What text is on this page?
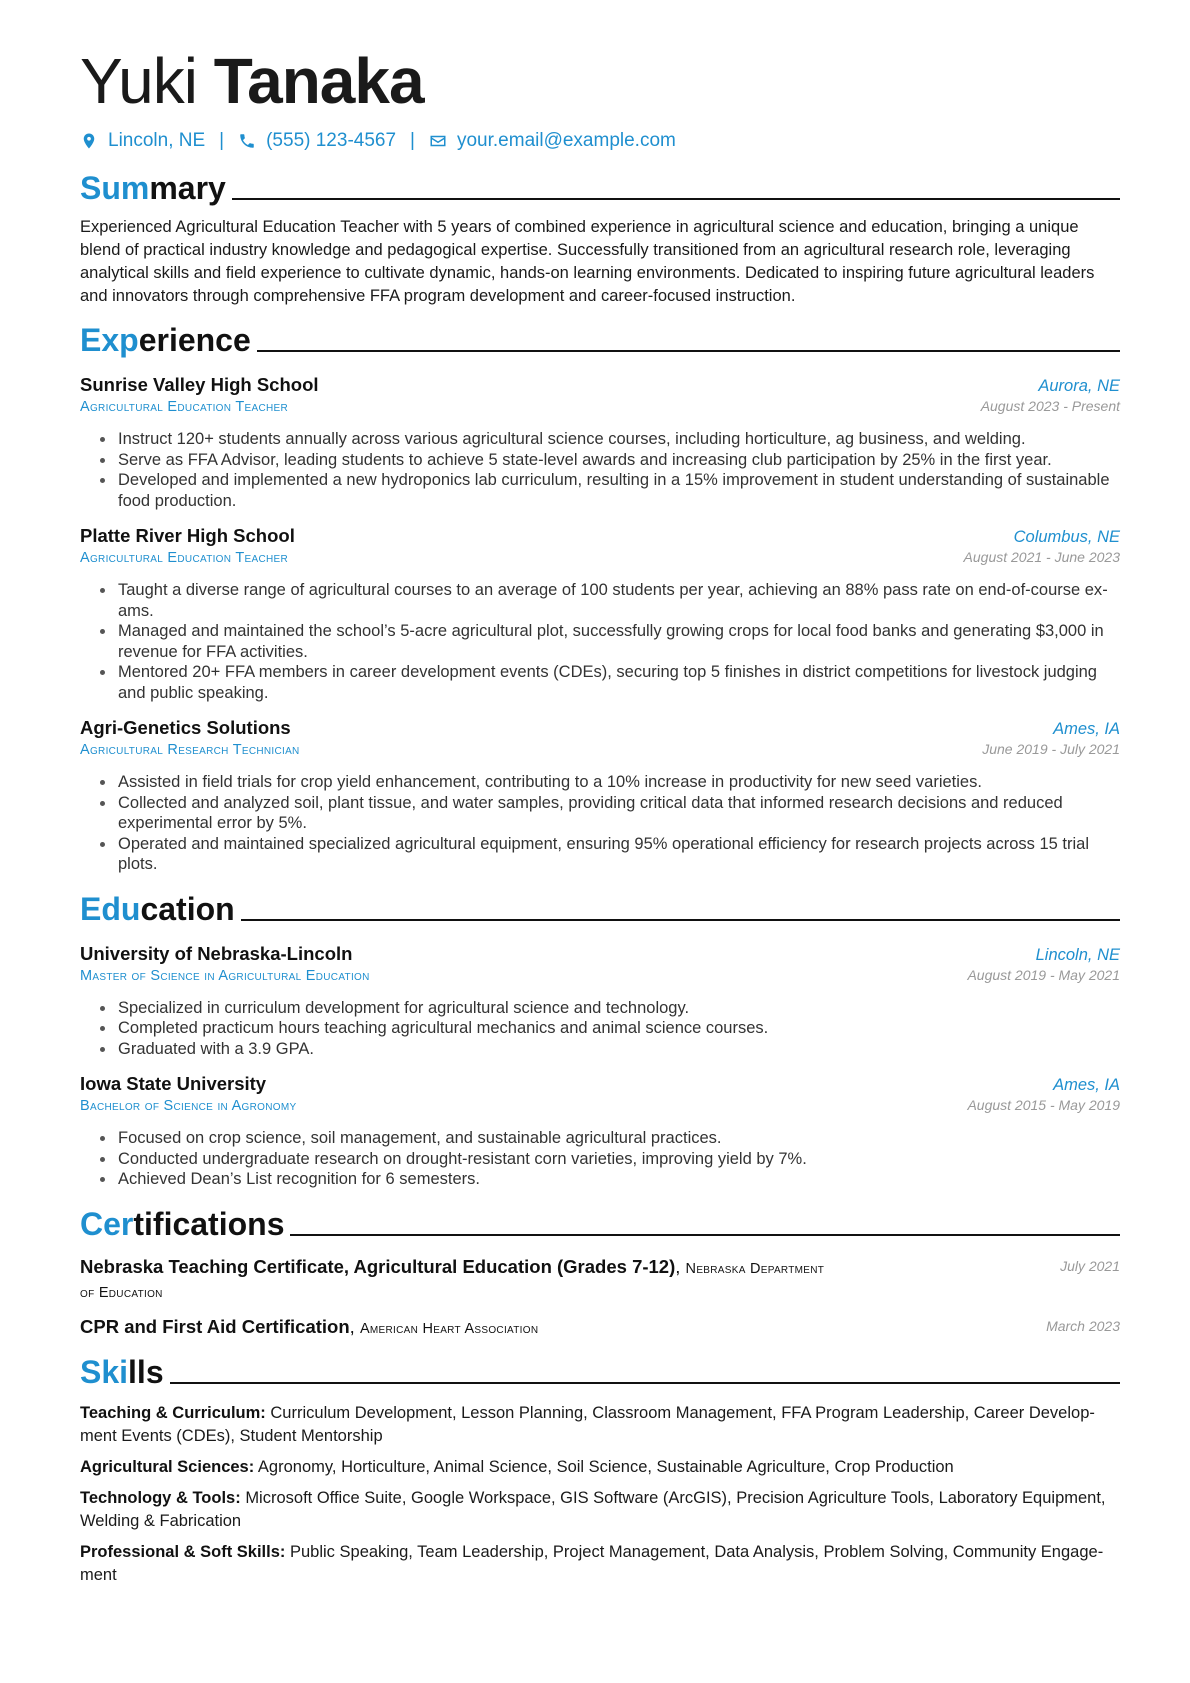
Yuki Tanaka
Lincoln, NE | (555) 123-4567 | your.email@example.com
Summary
Experienced Agricultural Education Teacher with 5 years of combined experience in agricultural science and education, bringing a unique blend of practical industry knowledge and pedagogical expertise. Successfully transitioned from an agricultural research role, leveraging analytical skills and field experience to cultivate dynamic, hands-on learning environments. Dedicated to inspiring future agricultural leaders and innovators through comprehensive FFA program development and career-focused instruction.
Experience
Sunrise Valley High School	Aurora, NE
Agricultural Education Teacher	August 2023 - Present
• Instruct 120+ students annually across various agricultural science courses, including horticulture, ag business, and welding.
• Serve as FFA Advisor, leading students to achieve 5 state-level awards and increasing club participation by 25% in the first year.
• Developed and implemented a new hydroponics lab curriculum, resulting in a 15% improvement in student understanding of sustainable food production.
Platte River High School	Columbus, NE
Agricultural Education Teacher	August 2021 - June 2023
• Taught a diverse range of agricultural courses to an average of 100 students per year, achieving an 88% pass rate on end-of-course exams.
• Managed and maintained the school’s 5-acre agricultural plot, successfully growing crops for local food banks and generating $3,000 in revenue for FFA activities.
• Mentored 20+ FFA members in career development events (CDEs), securing top 5 finishes in district competitions for livestock judging and public speaking.
Agri-Genetics Solutions	Ames, IA
Agricultural Research Technician	June 2019 - July 2021
• Assisted in field trials for crop yield enhancement, contributing to a 10% increase in productivity for new seed varieties.
• Collected and analyzed soil, plant tissue, and water samples, providing critical data that informed research decisions and reduced experimental error by 5%.
• Operated and maintained specialized agricultural equipment, ensuring 95% operational efficiency for research projects across 15 trial plots.
Education
University of Nebraska-Lincoln	Lincoln, NE
Master of Science in Agricultural Education	August 2019 - May 2021
• Specialized in curriculum development for agricultural science and technology.
• Completed practicum hours teaching agricultural mechanics and animal science courses.
• Graduated with a 3.9 GPA.
Iowa State University	Ames, IA
Bachelor of Science in Agronomy	August 2015 - May 2019
• Focused on crop science, soil management, and sustainable agricultural practices.
• Conducted undergraduate research on drought-resistant corn varieties, improving yield by 7%.
• Achieved Dean’s List recognition for 6 semesters.
Certifications
Nebraska Teaching Certificate, Agricultural Education (Grades 7-12), Nebraska Department of Education
July 2021
CPR and First Aid Certification, American Heart Association	March 2023
Skills
Teaching & Curriculum: Curriculum Development, Lesson Planning, Classroom Management, FFA Program Leadership, Career Development Events (CDEs), Student Mentorship
Agricultural Sciences: Agronomy, Horticulture, Animal Science, Soil Science, Sustainable Agriculture, Crop Production
Technology & Tools: Microsoft Office Suite, Google Workspace, GIS Software (ArcGIS), Precision Agriculture Tools, Laboratory Equipment, Welding & Fabrication
Professional & Soft Skills: Public Speaking, Team Leadership, Project Management, Data Analysis, Problem Solving, Community Engagement
